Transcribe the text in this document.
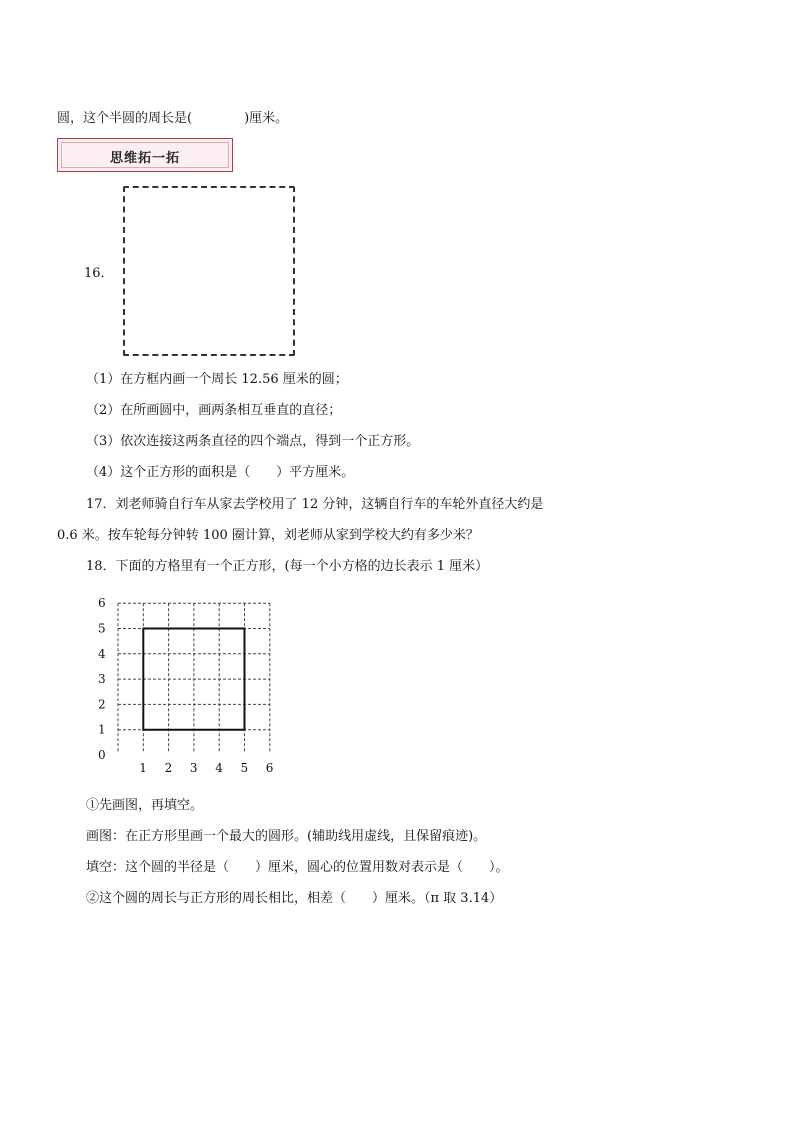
圆，这个半圆的周长是(　　　　)厘米。
思维拓一拓
16．
（1）在方框内画一个周长 12.56 厘米的圆；
（2）在所画圆中，画两条相互垂直的直径；
（3）依次连接这两条直径的四个端点，得到一个正方形。
（4）这个正方形的面积是（　　）平方厘米。
17．刘老师骑自行车从家去学校用了 12 分钟，这辆自行车的车轮外直径大约是
0.6 米。按车轮每分钟转 100 圈计算，刘老师从家到学校大约有多少米？
18．下面的方格里有一个正方形，(每一个小方格的边长表示 1 厘米）
0
1
2
3
4
5
6
1 2 3 4 5 6
①先画图，再填空。
画图：在正方形里画一个最大的圆形。(辅助线用虚线，且保留痕迹)。
填空：这个圆的半径是（　　）厘米，圆心的位置用数对表示是（　　）。
②这个圆的周长与正方形的周长相比，相差（　　）厘米。（π 取 3.14）
